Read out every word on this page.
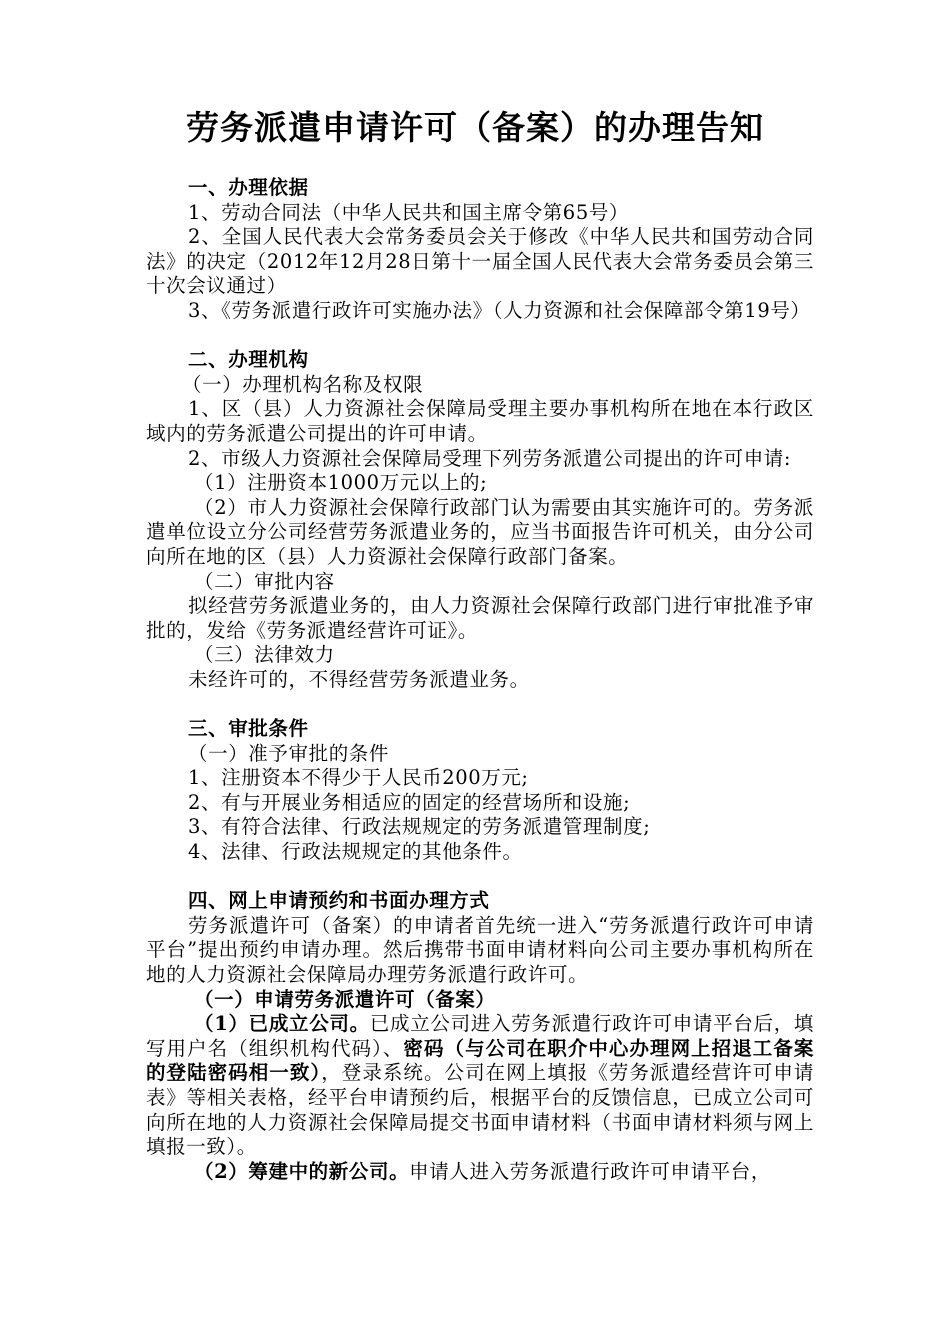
劳务派遣申请许可（备案）的办理告知

一、办理依据

1、劳动合同法（中华人民共和国主席令第65号）

2、全国人民代表大会常务委员会关于修改《中华人民共和国劳动合同法》的决定（2012年12月28日第十一届全国人民代表大会常务委员会第三十次会议通过）

3、《劳务派遣行政许可实施办法》（人力资源和社会保障部令第19号）

二、办理机构

（一）办理机构名称及权限

1、区（县）人力资源社会保障局受理主要办事机构所在地在本行政区域内的劳务派遣公司提出的许可申请。

2、市级人力资源社会保障局受理下列劳务派遣公司提出的许可申请:

（1）注册资本1000万元以上的;

（2）市人力资源社会保障行政部门认为需要由其实施许可的。劳务派遣单位设立分公司经营劳务派遣业务的，应当书面报告许可机关，由分公司向所在地的区（县）人力资源社会保障行政部门备案。

（二）审批内容

拟经营劳务派遣业务的，由人力资源社会保障行政部门进行审批准予审批的，发给《劳务派遣经营许可证》。

（三）法律效力

未经许可的，不得经营劳务派遣业务。

三、审批条件

（一）准予审批的条件

1、注册资本不得少于人民币200万元;

2、有与开展业务相适应的固定的经营场所和设施;

3、有符合法律、行政法规规定的劳务派遣管理制度;

4、法律、行政法规规定的其他条件。

四、网上申请预约和书面办理方式

劳务派遣许可（备案）的申请者首先统一进入“劳务派遣行政许可申请平台”提出预约申请办理。然后携带书面申请材料向公司主要办事机构所在地的人力资源社会保障局办理劳务派遣行政许可。

（一）申请劳务派遣许可（备案）

（1）已成立公司。已成立公司进入劳务派遣行政许可申请平台后，填写用户名（组织机构代码）、密码（与公司在职介中心办理网上招退工备案的登陆密码相一致），登录系统。公司在网上填报《劳务派遣经营许可申请表》等相关表格，经平台申请预约后，根据平台的反馈信息，已成立公司可向所在地的人力资源社会保障局提交书面申请材料（书面申请材料须与网上填报一致）。

（2）筹建中的新公司。申请人进入劳务派遣行政许可申请平台，
